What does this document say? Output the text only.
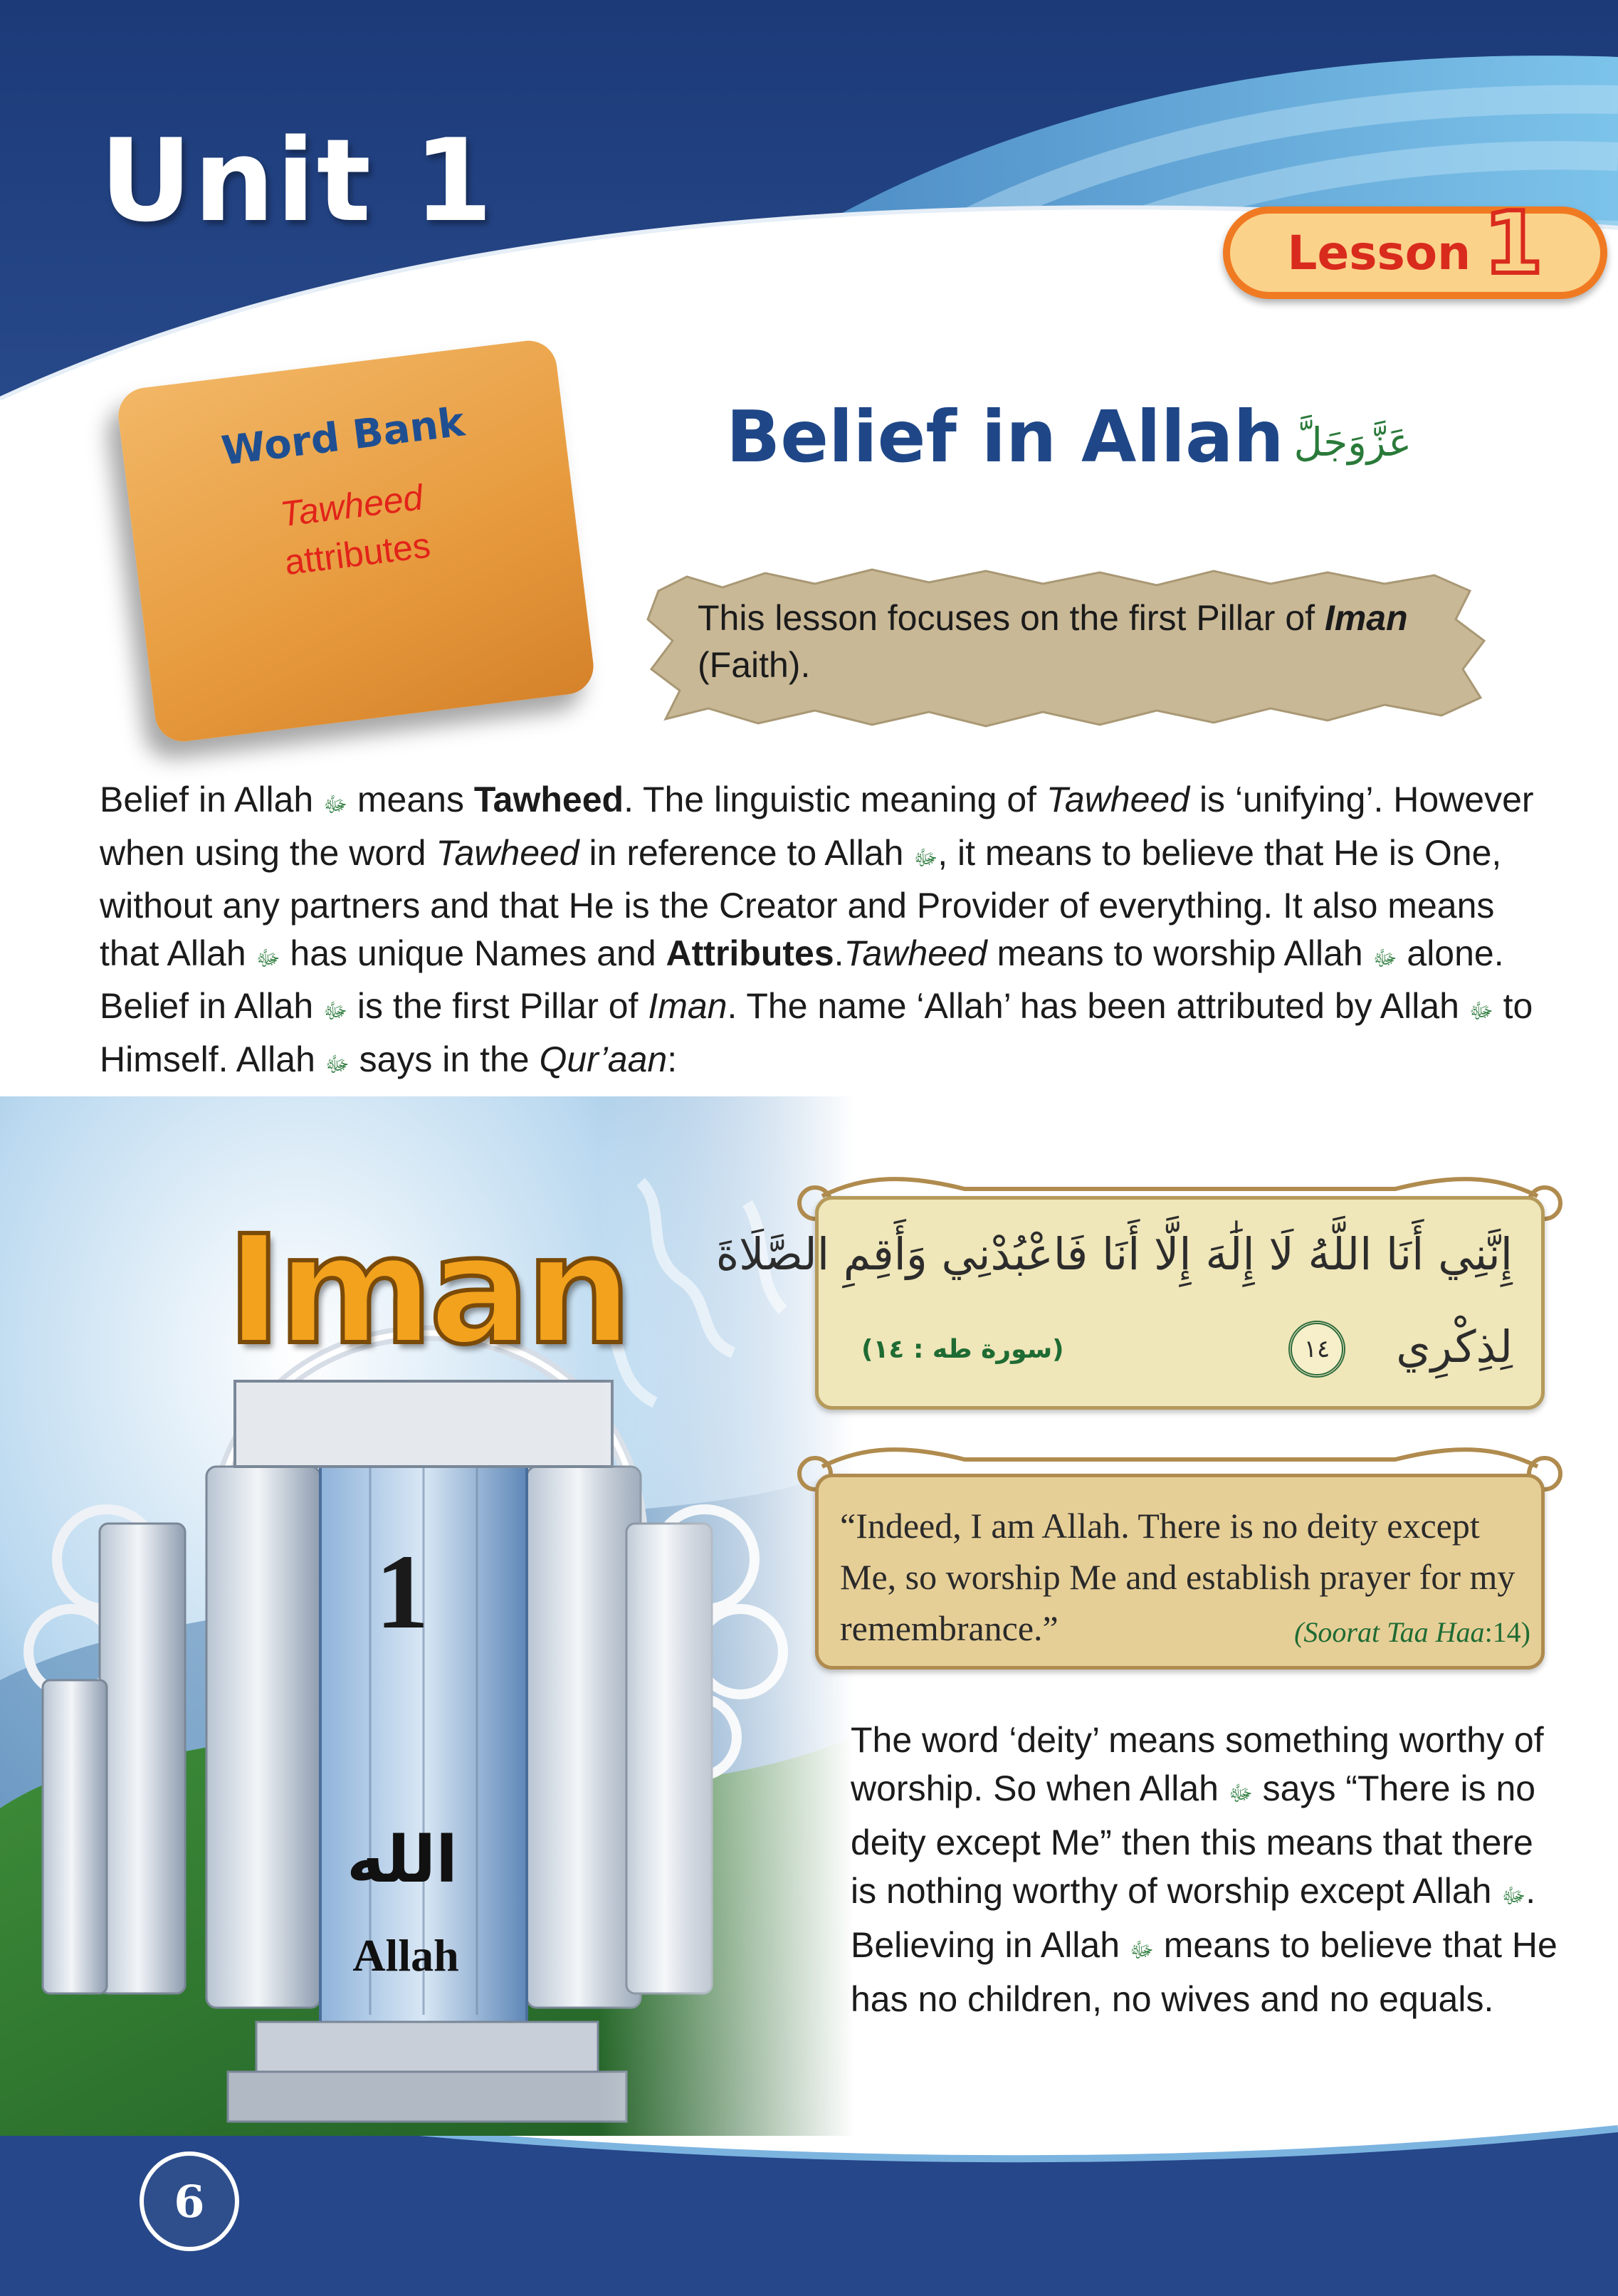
Unit 1
Lesson 1
Word Bank
Tawheed
attributes
Belief in Allah عَزَّوَجَلَّ
This lesson focuses on the first Pillar of Iman (Faith).

Belief in Allah ﷻ means Tawheed. The linguistic meaning of Tawheed is ‘unifying’. However when using the word Tawheed in reference to Allah ﷻ, it means to believe that He is One, without any partners and that He is the Creator and Provider of everything. It also means that Allah ﷻ has unique Names and Attributes.Tawheed means to worship Allah ﷻ alone.

Belief in Allah ﷻ is the first Pillar of Iman. The name ‘Allah’ has been attributed by Allah ﷻ to Himself. Allah ﷻ says in the Qur’aan:

Iman
1
الله
Allah
إِنَّنِي أَنَا اللَّهُ لَا إِلَٰهَ إِلَّا أَنَا فَاعْبُدْنِي وَأَقِمِ الصَّلَاةَ
لِذِكْرِي
١٤
(سورة طه : ١٤)
“Indeed, I am Allah. There is no deity except Me, so worship Me and establish prayer for my remembrance.”	(Soorat Taa Haa:14)

The word ‘deity’ means something worthy of worship. So when Allah ﷻ says “There is no deity except Me” then this means that there is nothing worthy of worship except Allah ﷻ. Believing in Allah ﷻ means to believe that He has no children, no wives and no equals.

6
